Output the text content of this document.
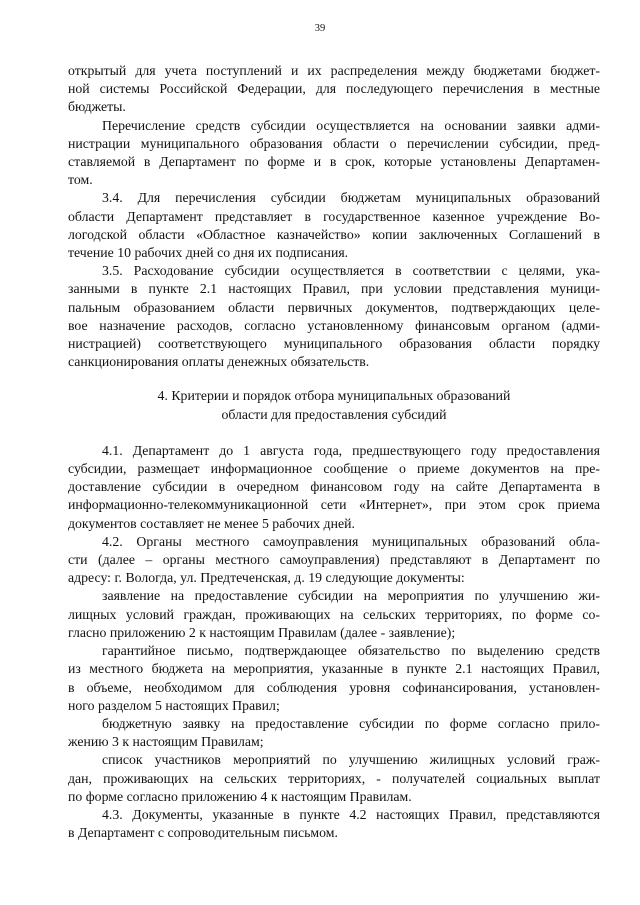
39

открытый для учета поступлений и их распределения между бюджетами бюджет-
ной системы Российской Федерации, для последующего перечисления в местные
бюджеты.

Перечисление средств субсидии осуществляется на основании заявки адми-
нистрации муниципального образования области о перечислении субсидии, пред-
ставляемой в Департамент по форме и в срок, которые установлены Департамен-
том.

3.4. Для перечисления субсидии бюджетам муниципальных образований
области Департамент представляет в государственное казенное учреждение Во-
логодской области «Областное казначейство» копии заключенных Соглашений в
течение 10 рабочих дней со дня их подписания.

3.5. Расходование субсидии осуществляется в соответствии с целями, ука-
занными в пункте 2.1 настоящих Правил, при условии представления муници-
пальным образованием области первичных документов, подтверждающих целе-
вое назначение расходов, согласно установленному финансовым органом (адми-
нистрацией) соответствующего муниципального образования области порядку
санкционирования оплаты денежных обязательств.

4. Критерии и порядок отбора муниципальных образований
области для предоставления субсидий

4.1. Департамент до 1 августа года, предшествующего году предоставления
субсидии, размещает информационное сообщение о приеме документов на пре-
доставление субсидии в очередном финансовом году на сайте Департамента в
информационно-телекоммуникационной сети «Интернет», при этом срок приема
документов составляет не менее 5 рабочих дней.

4.2. Органы местного самоуправления муниципальных образований обла-
сти (далее – органы местного самоуправления) представляют в Департамент по
адресу: г. Вологда, ул. Предтеченская, д. 19 следующие документы:

заявление на предоставление субсидии на мероприятия по улучшению жи-
лищных условий граждан, проживающих на сельских территориях, по форме со-
гласно приложению 2 к настоящим Правилам (далее - заявление);

гарантийное письмо, подтверждающее обязательство по выделению средств
из местного бюджета на мероприятия, указанные в пункте 2.1 настоящих Правил,
в объеме, необходимом для соблюдения уровня софинансирования, установлен-
ного разделом 5 настоящих Правил;

бюджетную заявку на предоставление субсидии по форме согласно прило-
жению 3 к настоящим Правилам;

список участников мероприятий по улучшению жилищных условий граж-
дан, проживающих на сельских территориях, - получателей социальных выплат
по форме согласно приложению 4 к настоящим Правилам.

4.3. Документы, указанные в пункте 4.2 настоящих Правил, представляются
в Департамент с сопроводительным письмом.
